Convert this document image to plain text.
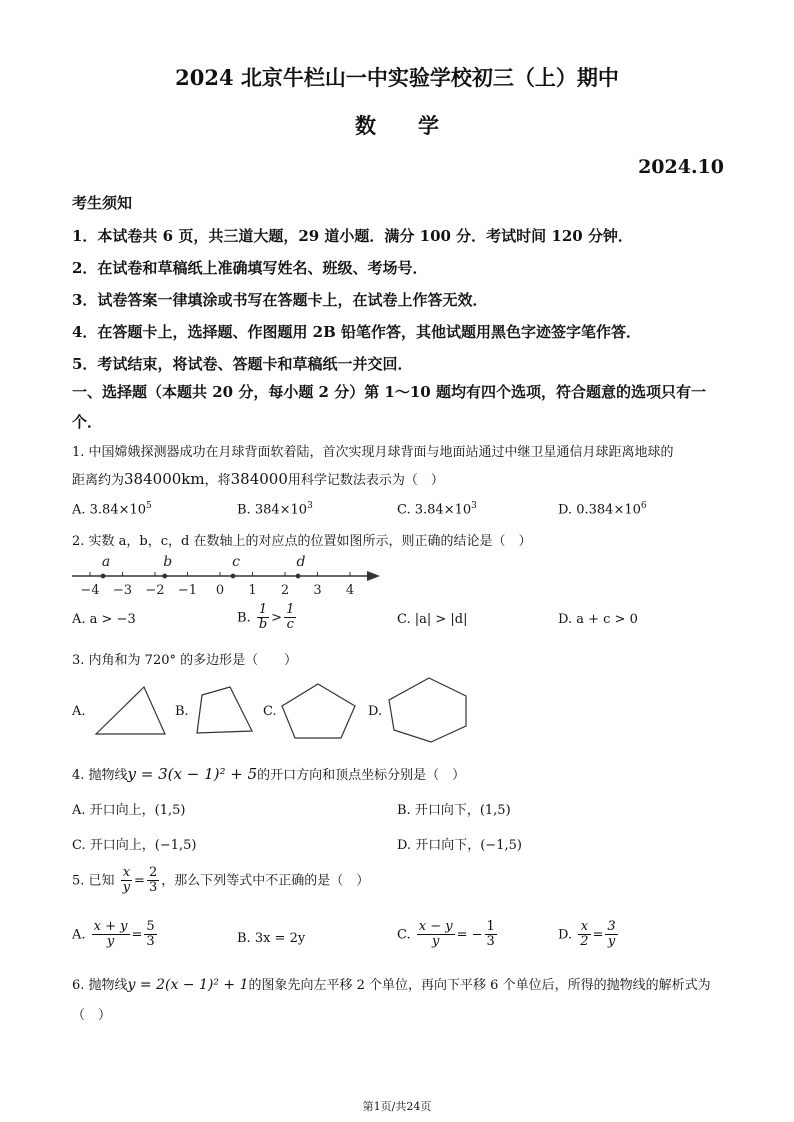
2024 北京牛栏山一中实验学校初三（上）期中
数　　学
2024.10
考生须知
1．本试卷共 6 页，共三道大题，29 道小题．满分 100 分．考试时间 120 分钟．
2．在试卷和草稿纸上准确填写姓名、班级、考场号．
3．试卷答案一律填涂或书写在答题卡上，在试卷上作答无效．
4．在答题卡上，选择题、作图题用 2B 铅笔作答，其他试题用黑色字迹签字笔作答．
5．考试结束，将试卷、答题卡和草稿纸一并交回．
一、选择题（本题共 20 分，每小题 2 分）第 1～10 题均有四个选项，符合题意的选项只有一
个．
1. 中国嫦娥探测器成功在月球背面软着陆，首次实现月球背面与地面站通过中继卫星通信月球距离地球的
距离约为384000km，将384000用科学记数法表示为（　）
A. $3.84\times 10^5$	B. $384\times 10^3$	C. $3.84\times 10^3$	D. $0.384\times 10^6$
2. 实数 a，b，c，d 在数轴上的对应点的位置如图所示，则正确的结论是（　）
−4 −3 −2 −1 0 1 2 3 4
a	b	c	d
A. a > −3	B. $\frac{1}{b} > \frac{1}{c}$	C. |a| > |d|	D. a + c > 0
3. 内角和为 720° 的多边形是（　　）
A.	B.	C.	D.
4. 抛物线y = 3(x − 1)² + 5的开口方向和顶点坐标分别是（　）
A. 开口向上，(1,5)	B. 开口向下，(1,5)
C. 开口向上，(−1,5)	D. 开口向下，(−1,5)
5. 已知 $\frac{x}{y} = \frac{2}{3}$ ，那么下列等式中不正确的是（　）
A. $\frac{x + y}{y} = \frac{5}{3}$	B. 3x = 2y	C. $\frac{x - y}{y}$ = − $\frac{1}{3}$	D. $\frac{x}{2} = \frac{3}{y}$
6. 抛物线y = 2(x − 1)² + 1的图象先向左平移 2 个单位，再向下平移 6 个单位后，所得的抛物线的解析式为
（　）
第1页/共24页
